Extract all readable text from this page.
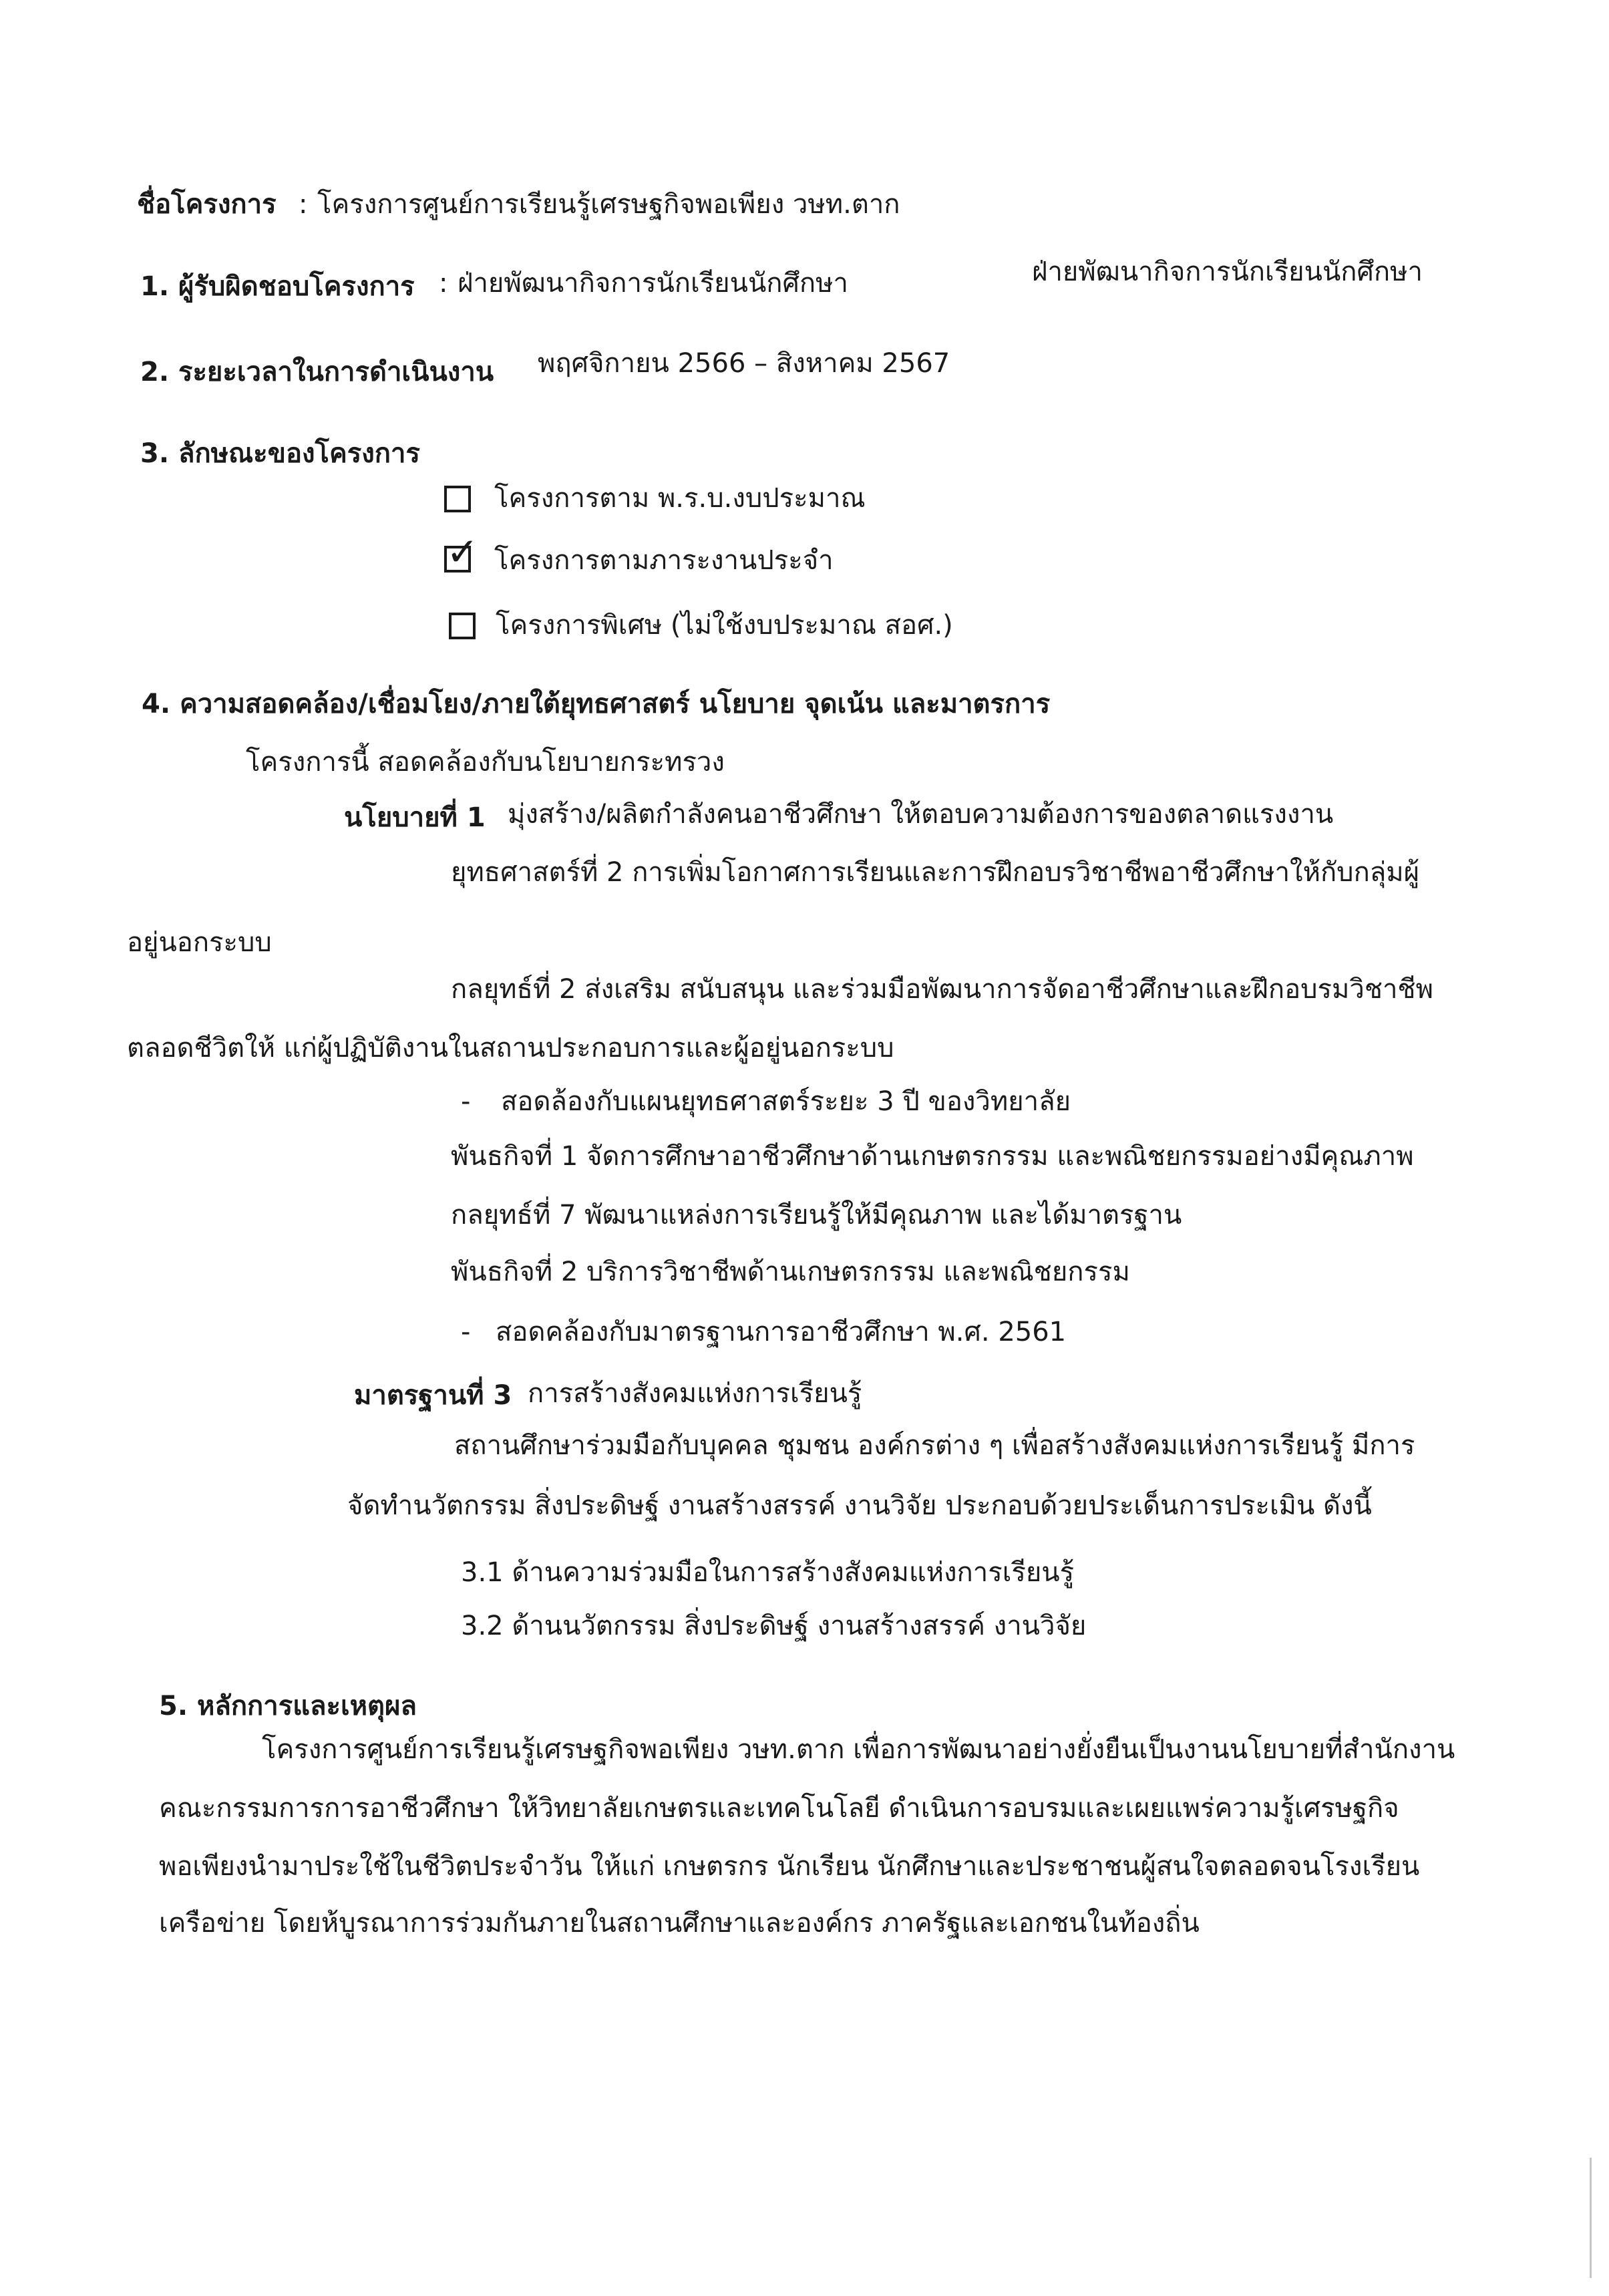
ชื่อโครงการ : โครงการศูนย์การเรียนรู้เศรษฐกิจพอเพียง วษท.ตาก
1. ผู้รับผิดชอบโครงการ : ฝ่ายพัฒนากิจการนักเรียนนักศึกษา	ฝ่ายพัฒนากิจการนักเรียนนักศึกษา
2. ระยะเวลาในการดำเนินงาน พฤศจิกายน 2566 – สิงหาคม 2567
3. ลักษณะของโครงการ
โครงการตาม พ.ร.บ.งบประมาณ
✓ โครงการตามภาระงานประจำ
โครงการพิเศษ (ไม่ใช้งบประมาณ สอศ.)
4. ความสอดคล้อง/เชื่อมโยง/ภายใต้ยุทธศาสตร์ นโยบาย จุดเน้น และมาตรการ
โครงการนี้ สอดคล้องกับนโยบายกระทรวง
นโยบายที่ 1 มุ่งสร้าง/ผลิตกำลังคนอาชีวศึกษา ให้ตอบความต้องการของตลาดแรงงาน
ยุทธศาสตร์ที่ 2 การเพิ่มโอกาศการเรียนและการฝึกอบรวิชาชีพอาชีวศึกษาให้กับกลุ่มผู้
อยู่นอกระบบ
กลยุทธ์ที่ 2 ส่งเสริม สนับสนุน และร่วมมือพัฒนาการจัดอาชีวศึกษาและฝึกอบรมวิชาชีพ
ตลอดชีวิตให้ แก่ผู้ปฏิบัติงานในสถานประกอบการและผู้อยู่นอกระบบ
- สอดล้องกับแผนยุทธศาสตร์ระยะ 3 ปี ของวิทยาลัย
พันธกิจที่ 1 จัดการศึกษาอาชีวศึกษาด้านเกษตรกรรม และพณิชยกรรมอย่างมีคุณภาพ
กลยุทธ์ที่ 7 พัฒนาแหล่งการเรียนรู้ให้มีคุณภาพ และได้มาตรฐาน
พันธกิจที่ 2 บริการวิชาชีพด้านเกษตรกรรม และพณิชยกรรม
- สอดคล้องกับมาตรฐานการอาชีวศึกษา พ.ศ. 2561
มาตรฐานที่ 3 การสร้างสังคมแห่งการเรียนรู้
สถานศึกษาร่วมมือกับบุคคล ชุมชน องค์กรต่าง ๆ เพื่อสร้างสังคมแห่งการเรียนรู้ มีการ
จัดทำนวัตกรรม สิ่งประดิษฐ์ งานสร้างสรรค์ งานวิจัย ประกอบด้วยประเด็นการประเมิน ดังนี้
3.1 ด้านความร่วมมือในการสร้างสังคมแห่งการเรียนรู้
3.2 ด้านนวัตกรรม สิ่งประดิษฐ์ งานสร้างสรรค์ งานวิจัย
5. หลักการและเหตุผล
โครงการศูนย์การเรียนรู้เศรษฐกิจพอเพียง วษท.ตาก เพื่อการพัฒนาอย่างยั่งยืนเป็นงานนโยบายที่สำนักงาน
คณะกรรมการการอาชีวศึกษา ให้วิทยาลัยเกษตรและเทคโนโลยี ดำเนินการอบรมและเผยแพร่ความรู้เศรษฐกิจ
พอเพียงนำมาประใช้ในชีวิตประจำวัน ให้แก่ เกษตรกร นักเรียน นักศึกษาและประชาชนผู้สนใจตลอดจนโรงเรียน
เครือข่าย โดยห้บูรณาการร่วมกันภายในสถานศึกษาและองค์กร ภาครัฐและเอกชนในท้องถิ่น
